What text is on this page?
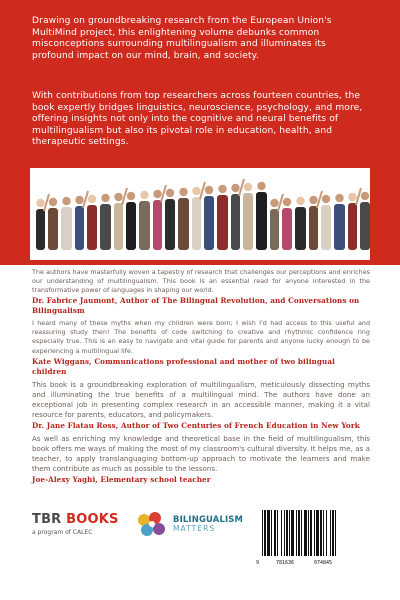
Drawing on groundbreaking research from the European Union's MultiMind project, this enlightening volume debunks common misconceptions surrounding multilingualism and illuminates its profound impact on our mind, brain, and society.

With contributions from top researchers across fourteen countries, the book expertly bridges linguistics, neuroscience, psychology, and more, offering insights not only into the cognitive and neural benefits of multilingualism but also its pivotal role in education, health, and therapeutic settings.

The authors have masterfully woven a tapestry of research that challenges our perceptions and enriches our understanding of multilingualism. This book is an essential read for anyone interested in the transformative power of languages in shaping our world.

Dr. Fabrice Jaumont, Author of The Bilingual Revolution, and Conversations on Bilingualism

I heard many of these myths when my children were born; I wish I'd had access to this useful and reassuring study then! The benefits of code switching to creative and rhythmic confidence ring especially true. This is an easy to navigate and vital guide for parents and anyone lucky enough to be experiencing a multilingual life.

Kate Wiggans, Communications professional and mother of two bilingual children

This book is a groundbreaking exploration of multilingualism, meticulously dissecting myths and illuminating the true benefits of a multilingual mind. The authors have done an exceptional job in presenting complex research in an accessible manner, making it a vital resource for parents, educators, and policymakers.

Dr. Jane Flatau Ross, Author of Two Centuries of French Education in New York

As well as enriching my knowledge and theoretical base in the field of multilingualism, this book offers me ways of making the most of my classroom's cultural diversity. It helps me, as a teacher, to apply translanguaging bottom-up approach to motivate the learners and make them contribute as much as possible to the lessons.

Joe-Alexy Yaghi, Elementary school teacher

TBR BOOKS
a program of CALEC
BILINGUALISM
MATTERS
9	781636	074845
